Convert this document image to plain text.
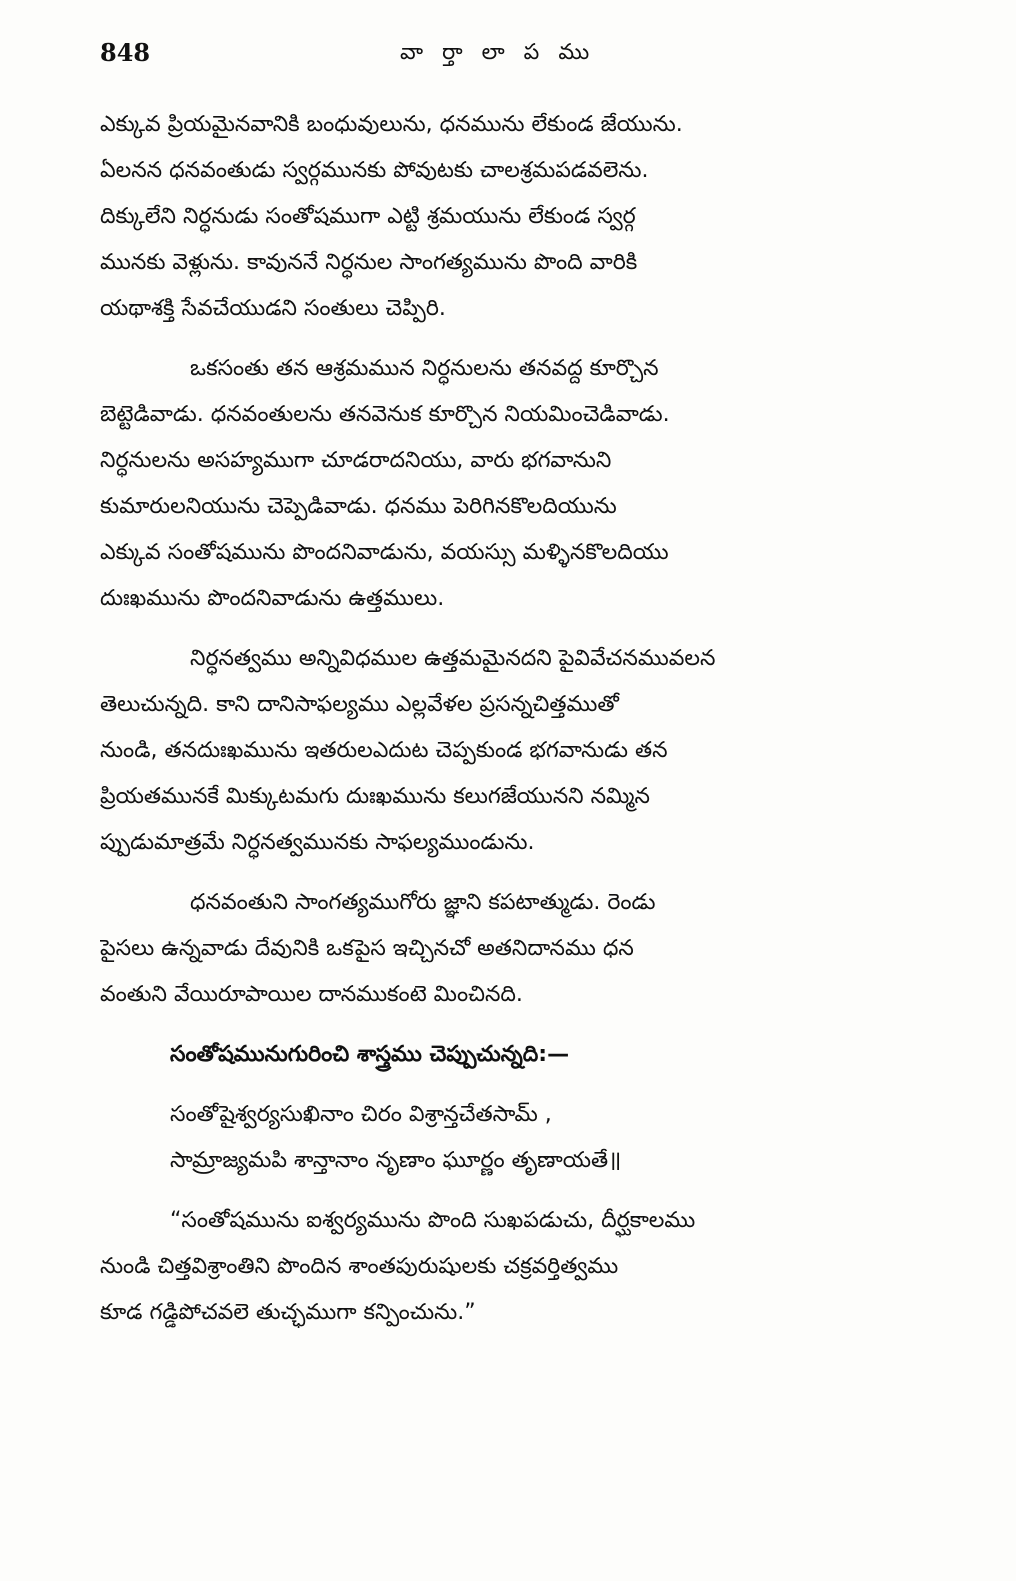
848	వా ర్తా లా ప ము
ఎక్కువ ప్రియమైనవానికి బంధువులును, ధనమును లేకుండ జేయును.
ఏలనన ధనవంతుడు స్వర్గమునకు పోవుటకు చాలశ్రమపడవలెను.
దిక్కులేని నిర్ధనుడు సంతోషముగా ఎట్టి శ్రమయును లేకుండ స్వర్గ
మునకు వెళ్లును. కావుననే నిర్ధనుల సాంగత్యమును పొంది వారికి
యథాశక్తి సేవచేయుడని సంతులు చెప్పిరి.
ఒకసంతు తన ఆశ్రమమున నిర్ధనులను తనవద్ద కూర్చొన
బెట్టెడివాడు. ధనవంతులను తనవెనుక కూర్చొన నియమించెడివాడు.
నిర్ధనులను అసహ్యముగా చూడరాదనియు, వారు భగవానుని
కుమారులనియును చెప్పెడివాడు. ధనము పెరిగినకొలదియును
ఎక్కువ సంతోషమును పొందనివాడును, వయస్సు మళ్ళినకొలదియు
దుఃఖమును పొందనివాడును ఉత్తములు.
నిర్ధనత్వము అన్నివిధముల ఉత్తమమైనదని పైవివేచనమువలన
తెలుచున్నది. కాని దానిసాఫల్యము ఎల్లవేళల ప్రసన్నచిత్తముతో
నుండి, తనదుఃఖమును ఇతరులఎదుట చెప్పకుండ భగవానుడు తన
ప్రియతమునకే మిక్కుటమగు దుఃఖమును కలుగజేయునని నమ్మిన
ప్పుడుమాత్రమే నిర్ధనత్వమునకు సాఫల్యముండును.
ధనవంతుని సాంగత్యముగోరు జ్ఞాని కపటాత్ముడు. రెండు
పైసలు ఉన్నవాడు దేవునికి ఒకపైస ఇచ్చినచో అతనిదానము ధన
వంతుని వేయిరూపాయిల దానముకంటె మించినది.
సంతోషమునుగురించి శాస్త్రము చెప్పుచున్నది:—
సంతోషైశ్వర్యసుఖినాం చిరం విశ్రాన్తచేతసామ్ ,
సామ్రాజ్యమపి శాన్తానాం నృణాం ఘూర్ణం తృణాయతే॥
“సంతోషమును ఐశ్వర్యమును పొంది సుఖపడుచు, దీర్ఘకాలము
నుండి చిత్తవిశ్రాంతిని పొందిన శాంతపురుషులకు చక్రవర్తిత్వము
కూడ గడ్డిపోచవలె తుచ్ఛముగా కన్పించును.”
